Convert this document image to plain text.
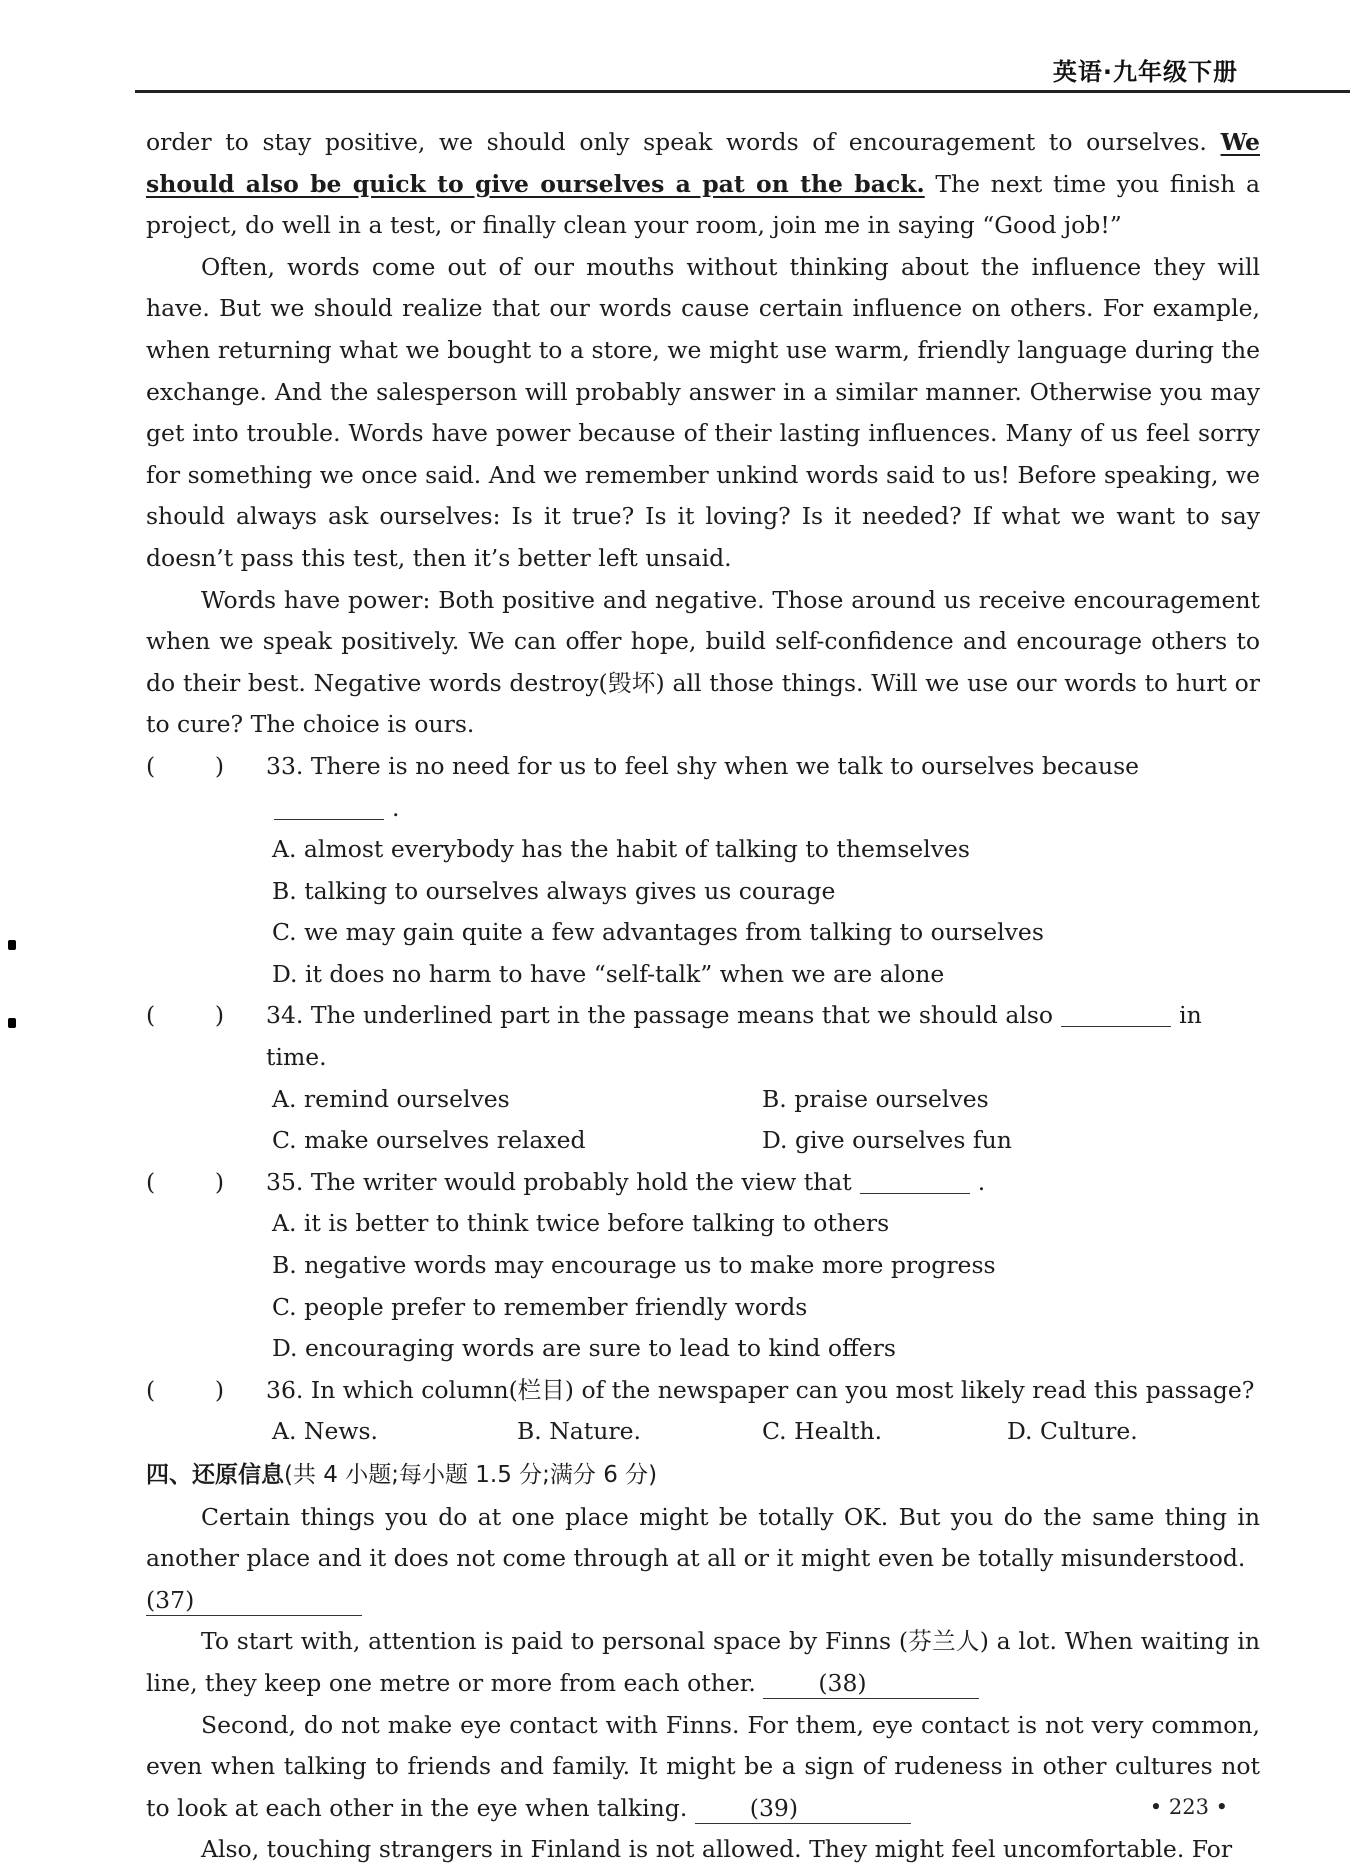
英语·九年级下册

order to stay positive, we should only speak words of encouragement to ourselves. We should also be quick to give ourselves a pat on the back. The next time you finish a project, do well in a test, or finally clean your room, join me in saying “Good job!”

Often, words come out of our mouths without thinking about the influence they will have. But we should realize that our words cause certain influence on others. For example, when returning what we bought to a store, we might use warm, friendly language during the exchange. And the salesperson will probably answer in a similar manner. Otherwise you may get into trouble. Words have power because of their lasting influences. Many of us feel sorry for something we once said. And we remember unkind words said to us! Before speaking, we should always ask ourselves: Is it true? Is it loving? Is it needed? If what we want to say doesn’t pass this test, then it’s better left unsaid.

Words have power: Both positive and negative. Those around us receive encouragement when we speak positively. We can offer hope, build self-confidence and encourage others to do their best. Negative words destroy(毁坏) all those things. Will we use our words to hurt or to cure? The choice is ours.

(        )	33. There is no need for us to feel shy when we talk to ourselves because.
A. almost everybody has the habit of talking to themselves
B. talking to ourselves always gives us courage
C. we may gain quite a few advantages from talking to ourselves
D. it does no harm to have “self-talk” when we are alone
(        )	34. The underlined part in the passage means that we should also	in time.
A. remind ourselves	B. praise ourselves
C. make ourselves relaxed	D. give ourselves fun
(        )	35. The writer would probably hold the view that	.
A. it is better to think twice before talking to others
B. negative words may encourage us to make more progress
C. people prefer to remember friendly words
D. encouraging words are sure to lead to kind offers
(        )	36. In which column(栏目) of the newspaper can you most likely read this passage?
A. News.	B. Nature.	C. Health.	D. Culture.
四、还原信息(共 4 小题;每小题 1.5 分;满分 6 分)

Certain things you do at one place might be totally OK. But you do the same thing in another place and it does not come through at all or it might even be totally misunderstood.

(37)

To start with, attention is paid to personal space by Finns (芬兰人) a lot. When waiting in line, they keep one metre or more from each other. (38)

Second, do not make eye contact with Finns. For them, eye contact is not very common, even when talking to friends and family. It might be a sign of rudeness in other cultures not to look at each other in the eye when talking. (39)

Also, touching strangers in Finland is not allowed. They might feel uncomfortable. For

• 223 •
